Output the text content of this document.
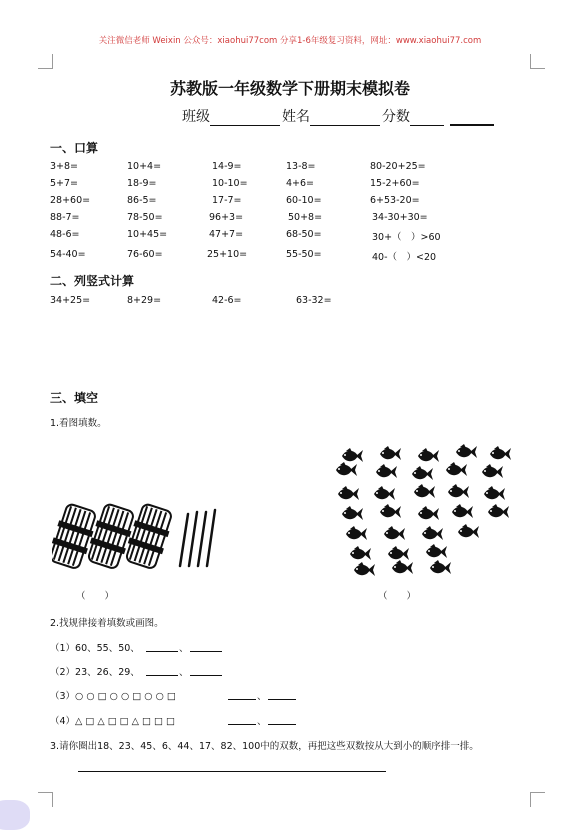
关注微信老师 Weixin 公众号：xiaohui77com 分享1-6年级复习资料，网址：www.xiaohui77.com
苏教版一年级数学下册期末模拟卷
班级	姓名	分数
一、口算
3+8=	10+4=	14-9=	13-8=	80-20+25=
5+7=	18-9=	10-10=	4+6=	15-2+60=
28+60=	86-5=	17-7=	60-10=	6+53-20=
88-7=	78-50=	96+3=	50+8=	34-30+30=
48-6=	10+45=	47+7=	68-50=	30+（　）>60
54-40=	76-60=	25+10=	55-50=	40-（　）<20
二、列竖式计算
34+25=	8+29=	42-6=	63-32=
三、填空
1.看图填数。
（　　）	（　　）
2.找规律接着填数或画图。
（1）60、55、50、	、
（2）23、26、29、	、
（3）○ ○ □ ○ ○ □ ○ ○ □	、
（4）△ □ △ □ □ △ □ □ □	、
3.请你圈出18、23、45、6、44、17、82、100中的双数，再把这些双数按从大到小的顺序排一排。
